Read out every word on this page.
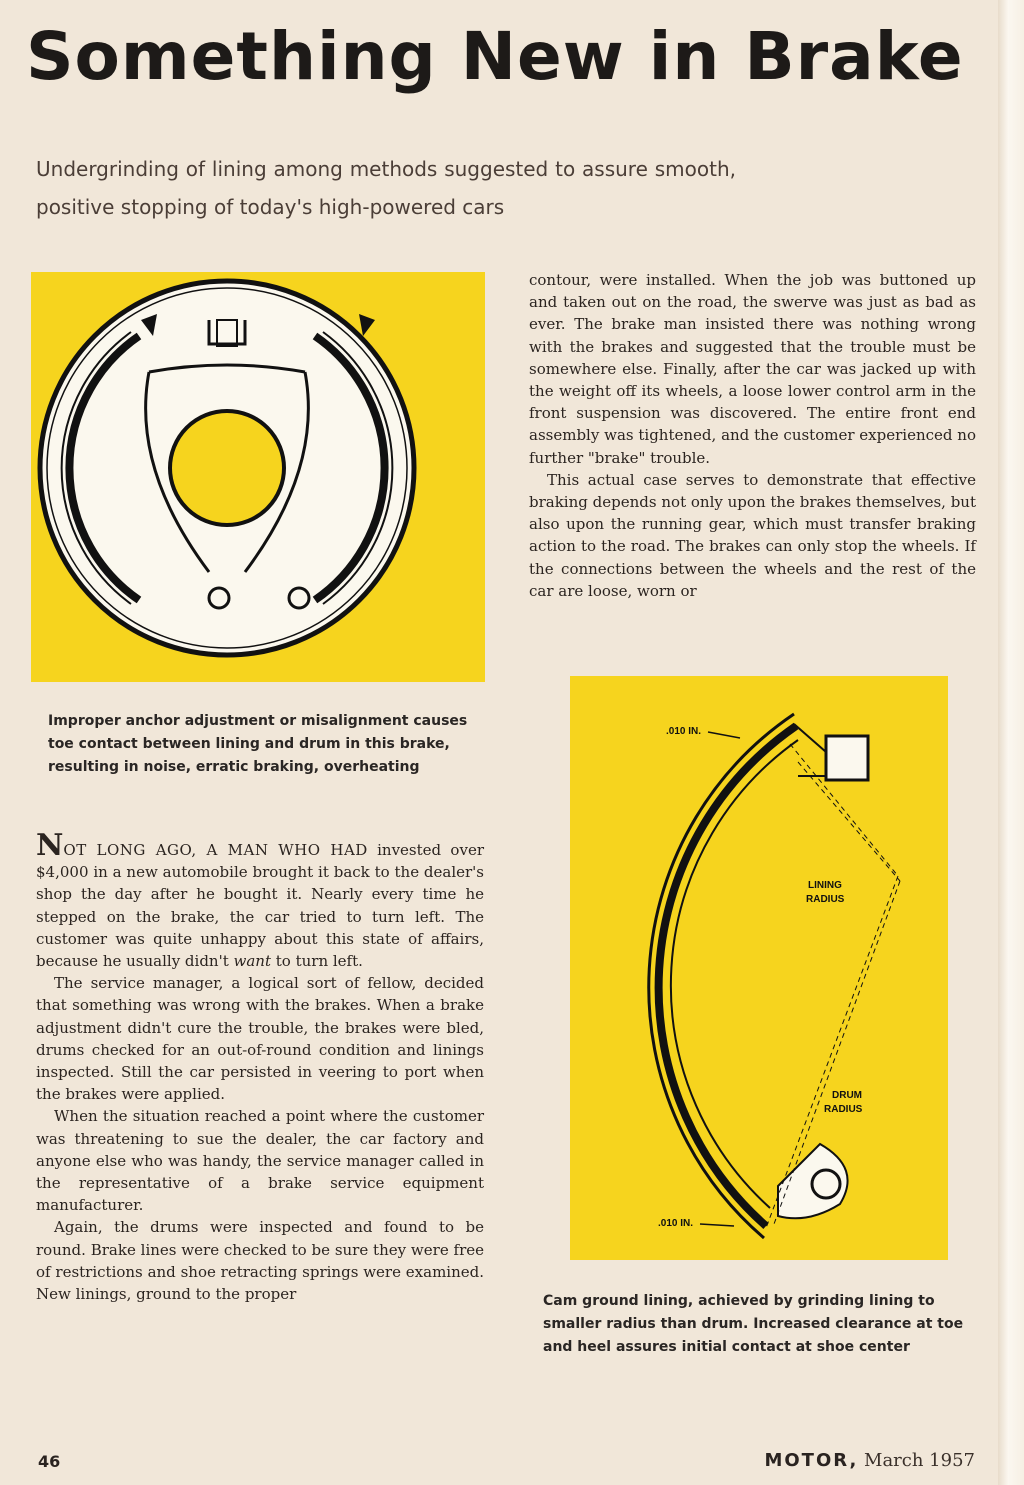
Something New in Brake

Undergrinding of lining among methods suggested to assure smooth, positive stopping of today's high-powered cars

Improper anchor adjustment or misalignment causes toe contact between lining and drum in this brake, resulting in noise, erratic braking, overheating

.010 IN.
.010 IN.
LINING
RADIUS
DRUM
RADIUS

Cam ground lining, achieved by grinding lining to smaller radius than drum. Increased clearance at toe and heel assures initial contact at shoe center

NOT LONG AGO, A MAN WHO HAD invested over $4,000 in a new automobile brought it back to the dealer's shop the day after he bought it. Nearly every time he stepped on the brake, the car tried to turn left. The customer was quite unhappy about this state of affairs, because he usually didn't want to turn left.

The service manager, a logical sort of fellow, decided that something was wrong with the brakes. When a brake adjustment didn't cure the trouble, the brakes were bled, drums checked for an out-of-round condition and linings inspected. Still the car persisted in veering to port when the brakes were applied.

When the situation reached a point where the customer was threatening to sue the dealer, the car factory and anyone else who was handy, the service manager called in the representative of a brake service equipment manufacturer.

Again, the drums were inspected and found to be round. Brake lines were checked to be sure they were free of restrictions and shoe retracting springs were examined. New linings, ground to the proper

contour, were installed. When the job was buttoned up and taken out on the road, the swerve was just as bad as ever. The brake man insisted there was nothing wrong with the brakes and suggested that the trouble must be somewhere else. Finally, after the car was jacked up with the weight off its wheels, a loose lower control arm in the front suspension was discovered. The entire front end assembly was tightened, and the customer experienced no further "brake" trouble.

This actual case serves to demonstrate that effective braking depends not only upon the brakes themselves, but also upon the running gear, which must transfer braking action to the road. The brakes can only stop the wheels. If the connections between the wheels and the rest of the car are loose, worn or

46	MOTOR, March 1957
